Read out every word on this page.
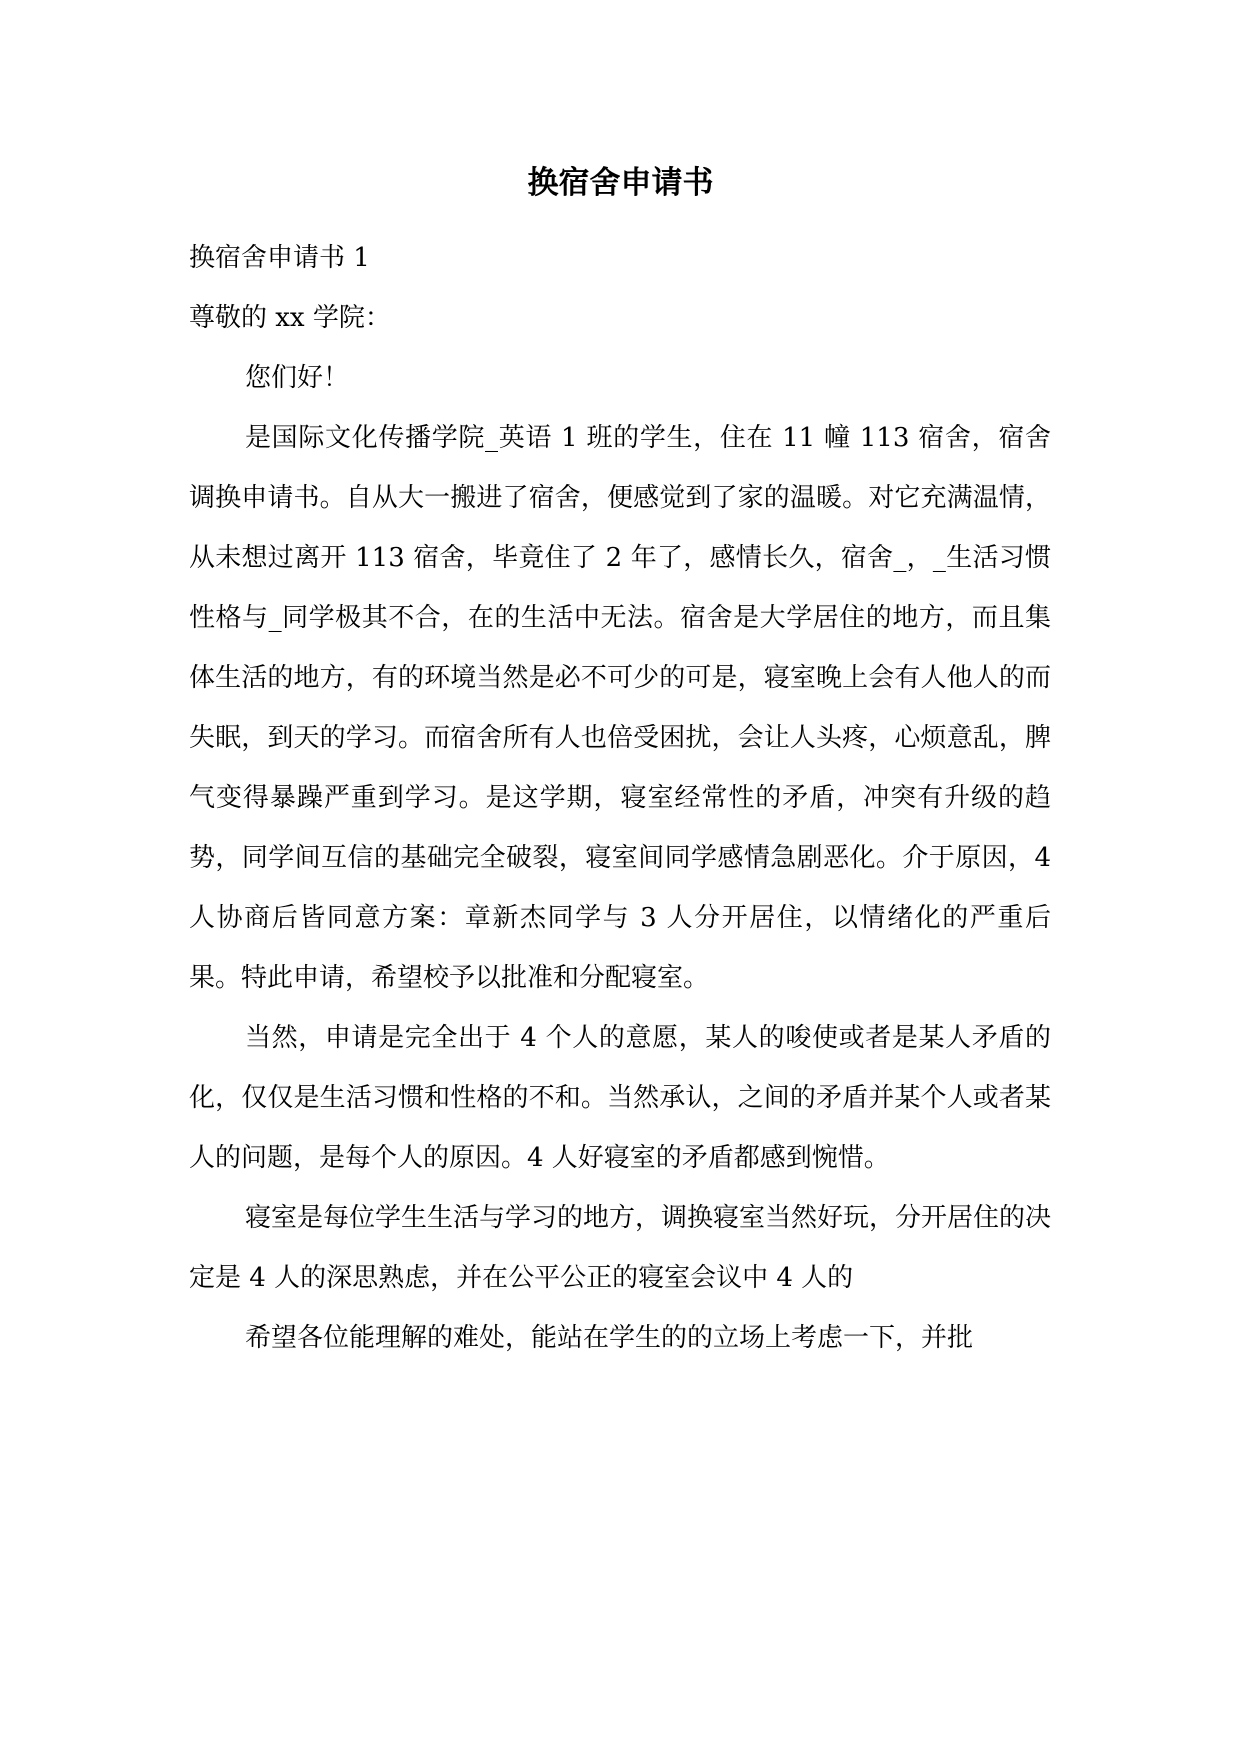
换宿舍申请书

换宿舍申请书 1

尊敬的 xx 学院：

您们好！

是国际文化传播学院_英语 1 班的学生，住在 11 幢 113 宿舍，宿舍调换申请书。自从大一搬进了宿舍，便感觉到了家的温暖。对它充满温情，从未想过离开 113 宿舍，毕竟住了 2 年了，感情长久，宿舍_，_生活习惯性格与_同学极其不合，在的生活中无法。宿舍是大学居住的地方，而且集体生活的地方，有的环境当然是必不可少的可是，寝室晚上会有人他人的而失眠，到天的学习。而宿舍所有人也倍受困扰，会让人头疼，心烦意乱，脾气变得暴躁严重到学习。是这学期，寝室经常性的矛盾，冲突有升级的趋势，同学间互信的基础完全破裂，寝室间同学感情急剧恶化。介于原因，4 人协商后皆同意方案：章新杰同学与 3 人分开居住，以情绪化的严重后果。特此申请，希望校予以批准和分配寝室。

当然，申请是完全出于 4 个人的意愿，某人的唆使或者是某人矛盾的化，仅仅是生活习惯和性格的不和。当然承认，之间的矛盾并某个人或者某人的问题，是每个人的原因。4 人好寝室的矛盾都感到惋惜。

寝室是每位学生生活与学习的地方，调换寝室当然好玩，分开居住的决定是 4 人的深思熟虑，并在公平公正的寝室会议中 4 人的

希望各位能理解的难处，能站在学生的的立场上考虑一下，并批
